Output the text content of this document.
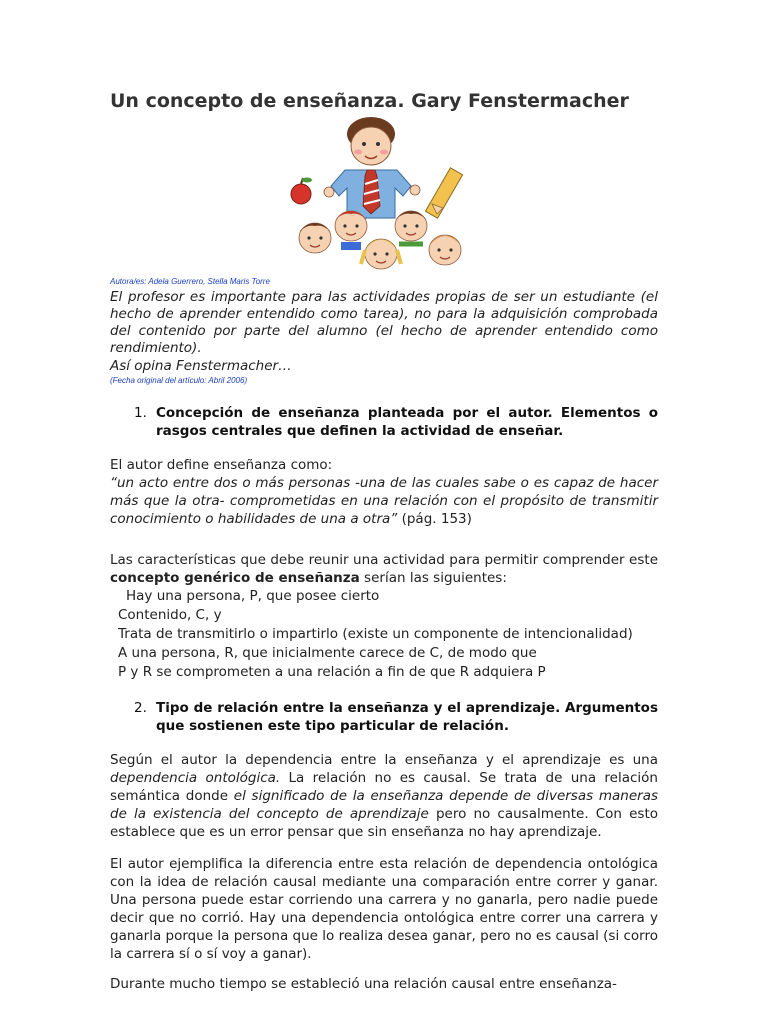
Un concepto de enseñanza. Gary Fenstermacher
Autora/es: Adela Guerrero, Stella Maris Torre
El profesor es importante para las actividades propias de ser un estudiante (el hecho de aprender entendido como tarea), no para la adquisición comprobada del contenido por parte del alumno (el hecho de aprender entendido como rendimiento).
Así opina Fenstermacher…
(Fecha original del artículo: Abril 2006)
1. Concepción de enseñanza planteada por el autor. Elementos o rasgos centrales que definen la actividad de enseñar.
El autor define enseñanza como:
“un acto entre dos o más personas -una de las cuales sabe o es capaz de hacer más que la otra- comprometidas en una relación con el propósito de transmitir conocimiento o habilidades de una a otra” (pág. 153)
Las características que debe reunir una actividad para permitir comprender este concepto genérico de enseñanza serían las siguientes:
Hay una persona, P, que posee cierto
Contenido, C, y
Trata de transmitirlo o impartirlo (existe un componente de intencionalidad)
A una persona, R, que inicialmente carece de C, de modo que
P y R se comprometen a una relación a fin de que R adquiera P
2. Tipo de relación entre la enseñanza y el aprendizaje. Argumentos que sostienen este tipo particular de relación.
Según el autor la dependencia entre la enseñanza y el aprendizaje es una dependencia ontológica. La relación no es causal. Se trata de una relación semántica donde el significado de la enseñanza depende de diversas maneras de la existencia del concepto de aprendizaje pero no causalmente. Con esto establece que es un error pensar que sin enseñanza no hay aprendizaje.
El autor ejemplifica la diferencia entre esta relación de dependencia ontológica con la idea de relación causal mediante una comparación entre correr y ganar. Una persona puede estar corriendo una carrera y no ganarla, pero nadie puede decir que no corrió. Hay una dependencia ontológica entre correr una carrera y ganarla porque la persona que lo realiza desea ganar, pero no es causal (si corro la carrera sí o sí voy a ganar).
Durante mucho tiempo se estableció una relación causal entre enseñanza-
